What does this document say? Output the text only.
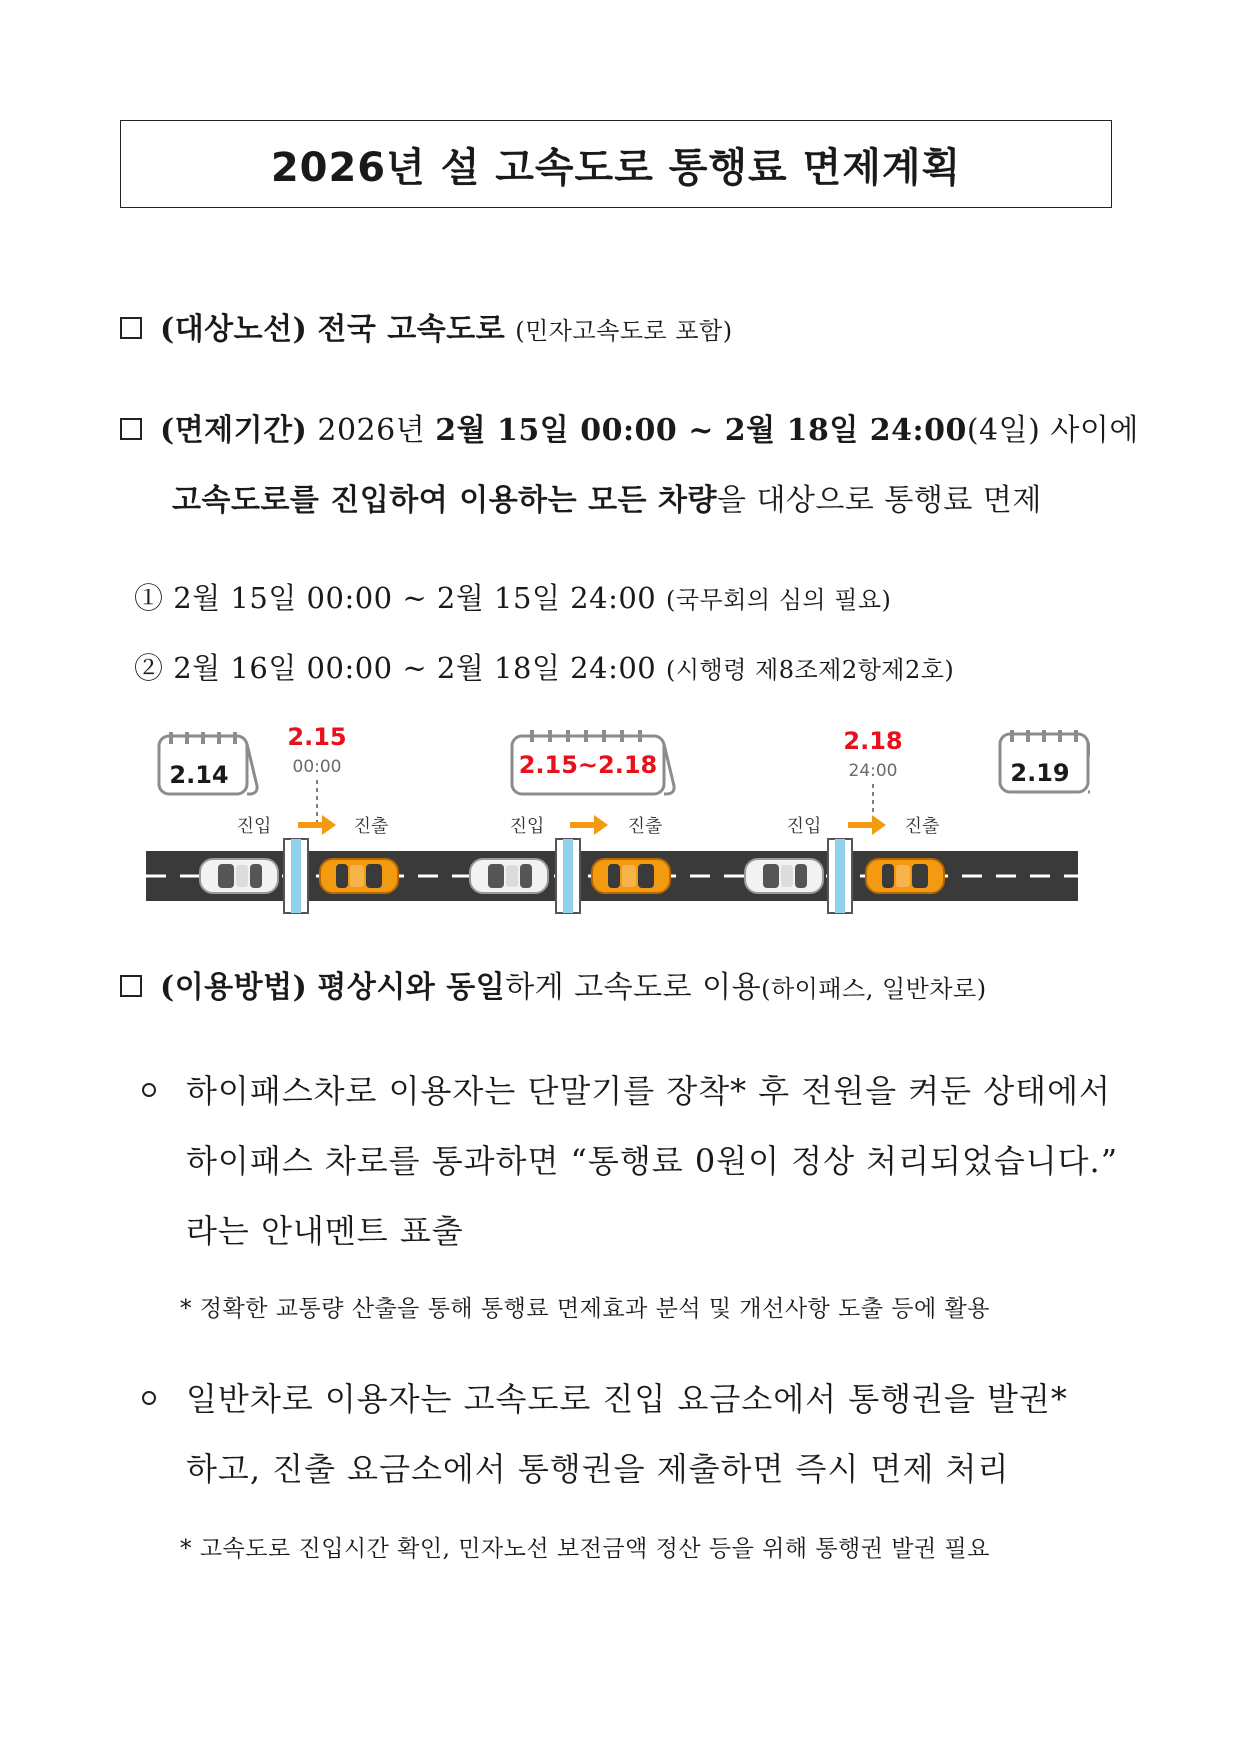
2026년 설 고속도로 통행료 면제계획
(대상노선) 전국 고속도로 (민자고속도로 포함)
(면제기간) 2026년 2월 15일 00:00 ~ 2월 18일 24:00(4일) 사이에
고속도로를 진입하여 이용하는 모든 차량을 대상으로 통행료 면제
① 2월 15일 00:00 ~ 2월 15일 24:00 (국무회의 심의 필요)
② 2월 16일 00:00 ~ 2월 18일 24:00 (시행령 제8조제2항제2호)
2.14
2.15
00:00	2.15~2.18
2.18
24:00	2.19
진입	진출	진입	진출	진입	진출
(이용방법) 평상시와 동일하게 고속도로 이용(하이패스, 일반차로)
하이패스차로 이용자는 단말기를 장착* 후 전원을 켜둔 상태에서
하이패스 차로를 통과하면 “통행료 0원이 정상 처리되었습니다.”
라는 안내멘트 표출
* 정확한 교통량 산출을 통해 통행료 면제효과 분석 및 개선사항 도출 등에 활용
일반차로 이용자는 고속도로 진입 요금소에서 통행권을 발권*
하고, 진출 요금소에서 통행권을 제출하면 즉시 면제 처리
* 고속도로 진입시간 확인, 민자노선 보전금액 정산 등을 위해 통행권 발권 필요
